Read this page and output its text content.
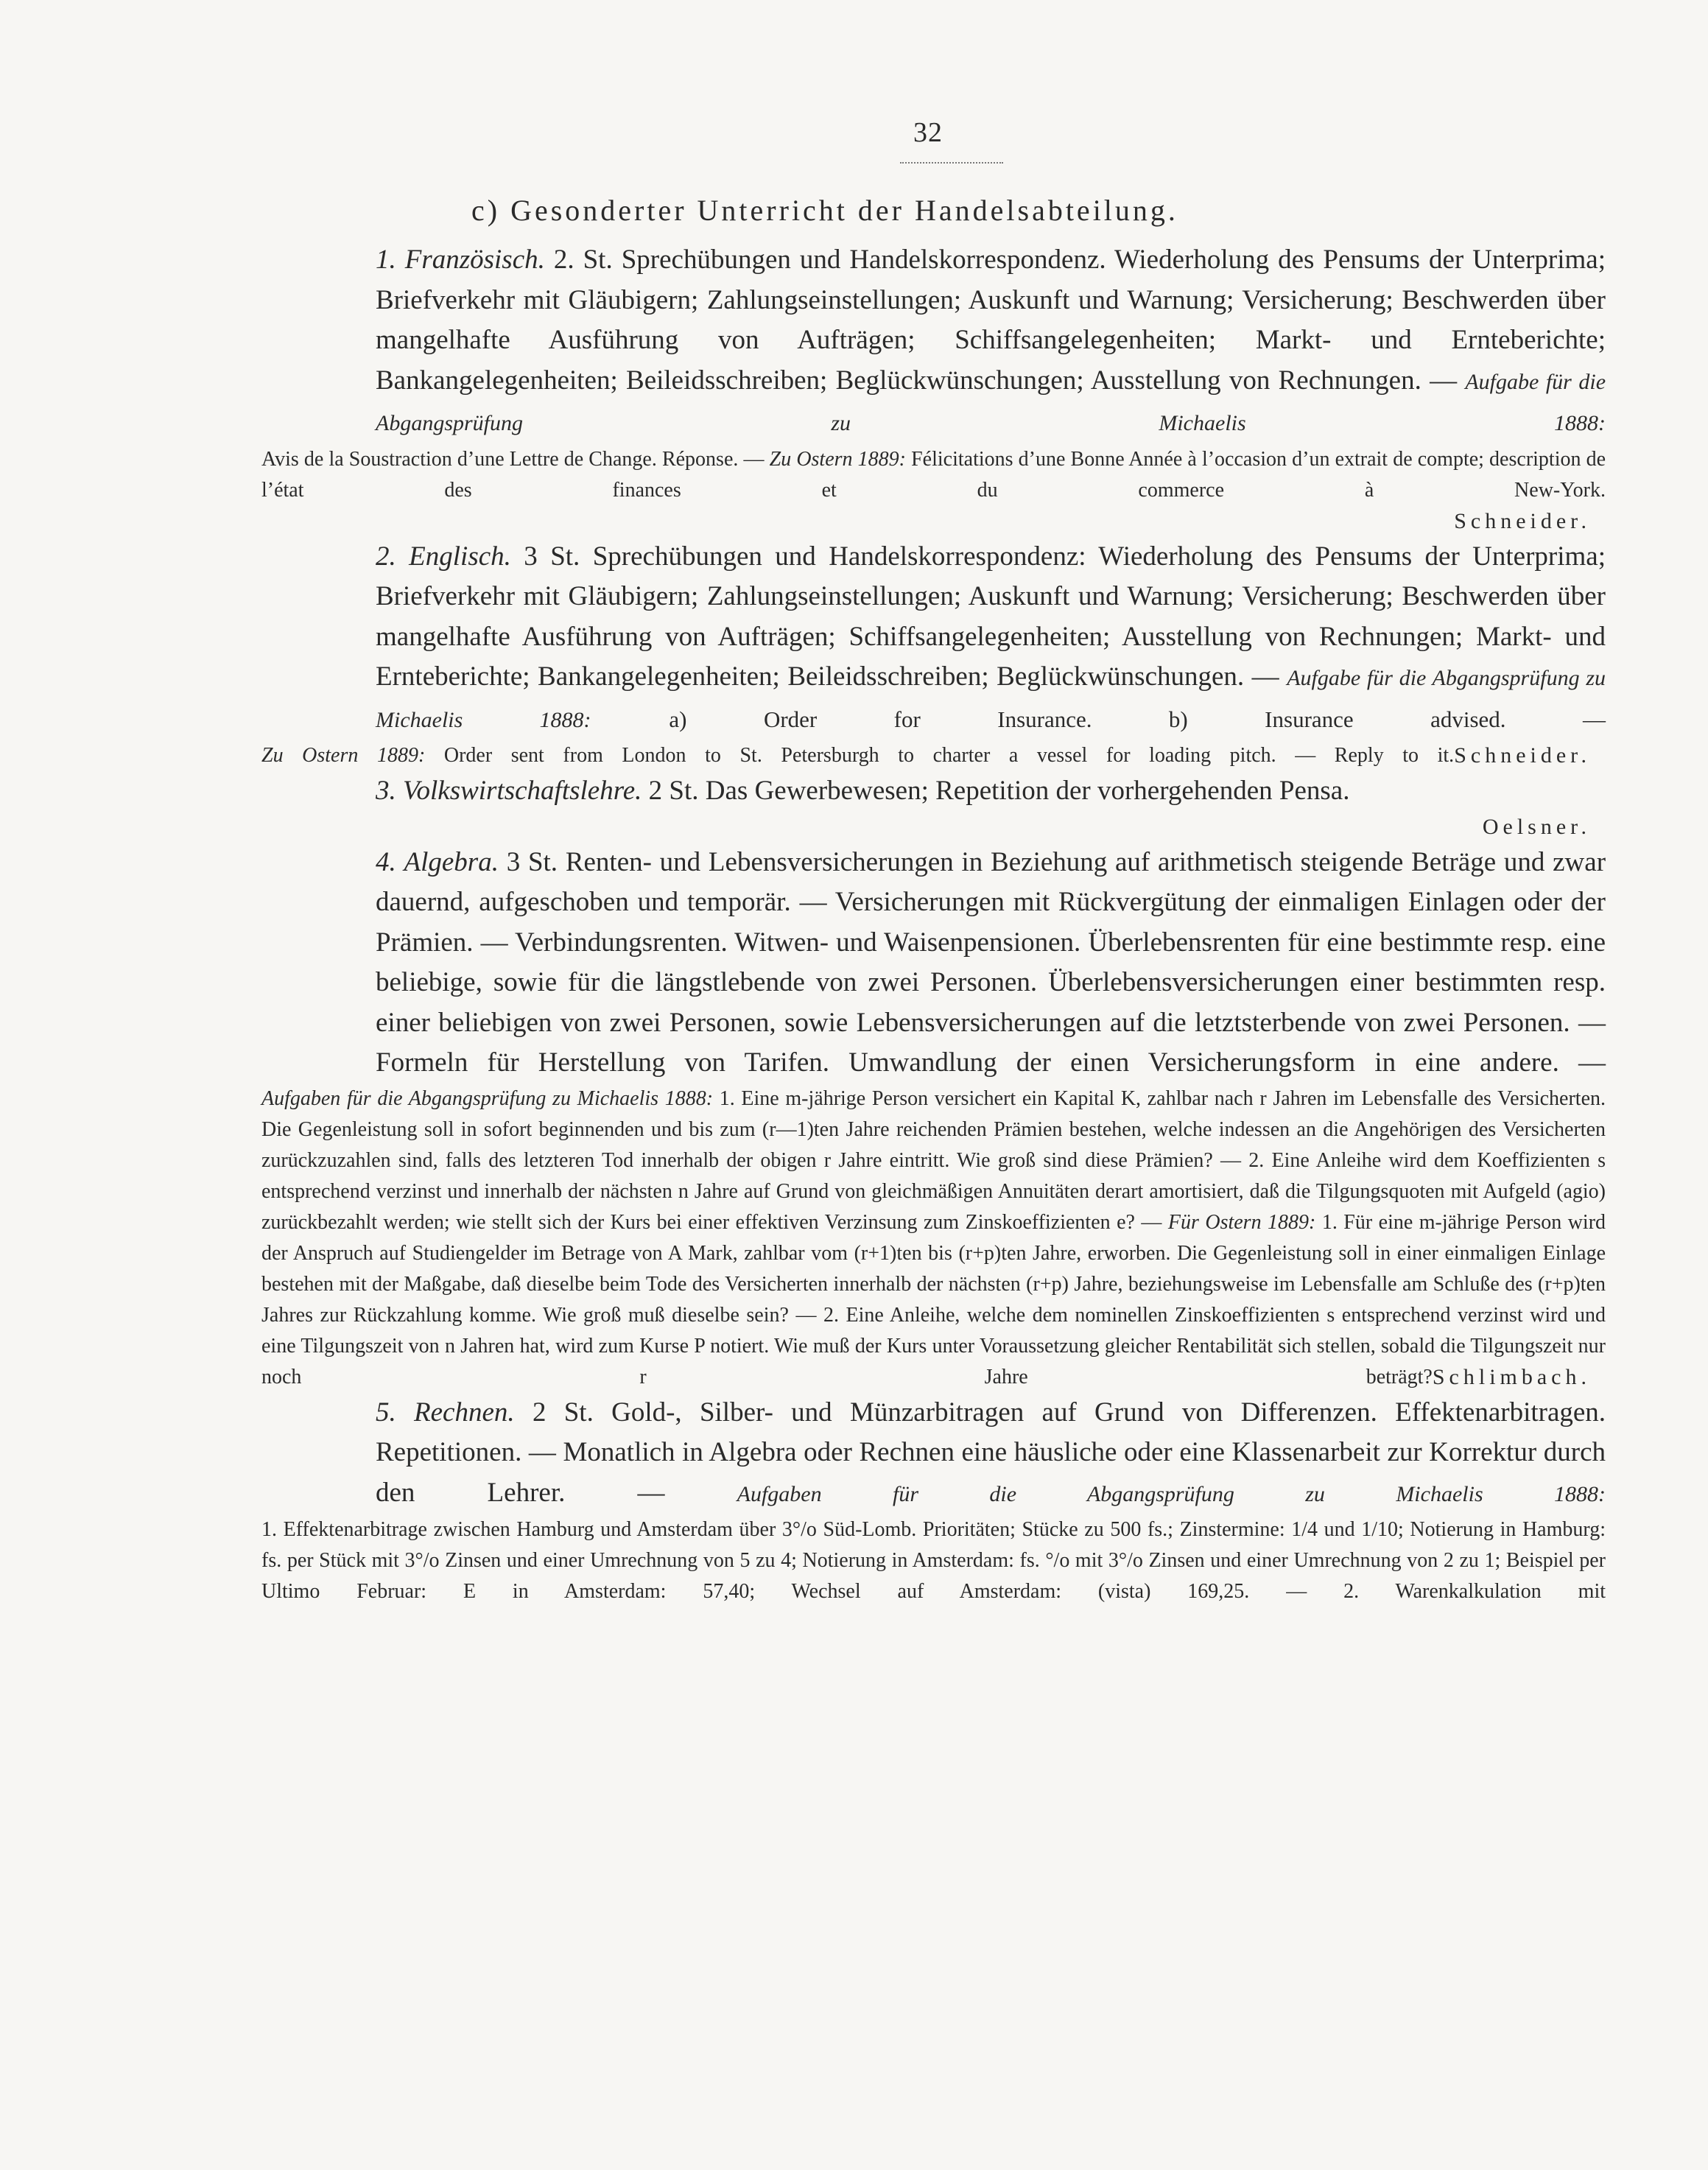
32
c) Gesonderter Unterricht der Handelsabteilung.

1. Französisch. 2. St. Sprechübungen und Handelskorrespondenz. Wiederholung des Pensums der Unterprima; Briefverkehr mit Gläubigern; Zahlungseinstellungen; Auskunft und Warnung; Versicherung; Beschwerden über mangelhafte Ausführung von Aufträgen; Schiffsangelegenheiten; Markt- und Ernteberichte; Bankangelegenheiten; Beileidsschreiben; Beglückwünschungen; Ausstellung von Rechnungen. — Aufgabe für die Abgangsprüfung zu Michaelis 1888:

Avis de la Soustraction d’une Lettre de Change. Réponse. — Zu Ostern 1889: Félicitations d’une Bonne Année à l’occasion d’un extrait de compte; description de l’état des finances et du commerce à New-York.

Schneider.

2. Englisch. 3 St. Sprechübungen und Handelskorrespondenz: Wiederholung des Pensums der Unterprima; Briefverkehr mit Gläubigern; Zahlungseinstellungen; Auskunft und Warnung; Versicherung; Beschwerden über mangelhafte Ausführung von Aufträgen; Schiffsangelegenheiten; Ausstellung von Rechnungen; Markt- und Ernteberichte; Bankangelegenheiten; Beileidsschreiben; Beglückwünschungen. — Aufgabe für die Abgangsprüfung zu Michaelis 1888:	a) Order for Insurance. b) Insurance advised. —

Zu Ostern 1889: Order sent from London to St. Petersburgh to charter a vessel for loading pitch. — Reply to it. Schneider.

3. Volkswirtschaftslehre. 2 St. Das Gewerbewesen; Repetition der vorhergehenden Pensa.

Oelsner.

4. Algebra. 3 St. Renten- und Lebensversicherungen in Beziehung auf arithmetisch steigende Beträge und zwar dauernd, aufgeschoben und temporär. — Versicherungen mit Rückvergütung der einmaligen Einlagen oder der Prämien. — Verbindungsrenten. Witwen- und Waisenpensionen. Überlebensrenten für eine bestimmte resp. eine beliebige, sowie für die längstlebende von zwei Personen. Überlebensversicherungen einer bestimmten resp. einer beliebigen von zwei Personen, sowie Lebensversicherungen auf die letztsterbende von zwei Personen. — Formeln für Herstellung von Tarifen. Umwandlung der einen Versicherungsform in eine andere. —

Aufgaben für die Abgangsprüfung zu Michaelis 1888: 1. Eine m-jährige Person versichert ein Kapital K, zahlbar nach r Jahren im Lebensfalle des Versicherten. Die Gegenleistung soll in sofort beginnenden und bis zum (r—1)ten Jahre reichenden Prämien bestehen, welche indessen an die Angehörigen des Versicherten zurückzuzahlen sind, falls des letzteren Tod innerhalb der obigen r Jahre eintritt. Wie groß sind diese Prämien? — 2. Eine Anleihe wird dem Koeffizienten s entsprechend verzinst und innerhalb der nächsten n Jahre auf Grund von gleichmäßigen Annuitäten derart amortisiert, daß die Tilgungsquoten mit Aufgeld (agio) zurückbezahlt werden; wie stellt sich der Kurs bei einer effektiven Verzinsung zum Zinskoeffizienten e? — Für Ostern 1889: 1. Für eine m-jährige Person wird der Anspruch auf Studiengelder im Betrage von A Mark, zahlbar vom (r+1)ten bis (r+p)ten Jahre, erworben. Die Gegenleistung soll in einer einmaligen Einlage bestehen mit der Maßgabe, daß dieselbe beim Tode des Versicherten innerhalb der nächsten (r+p) Jahre, beziehungsweise im Lebensfalle am Schluße des (r+p)ten Jahres zur Rückzahlung komme. Wie groß muß dieselbe sein? — 2. Eine Anleihe, welche dem nominellen Zinskoeffizienten s entsprechend verzinst wird und eine Tilgungszeit von n Jahren hat, wird zum Kurse P notiert. Wie muß der Kurs unter Voraussetzung gleicher Rentabilität sich stellen, sobald die Tilgungszeit nur noch r Jahre beträgt? Schlimbach.

5. Rechnen. 2 St. Gold-, Silber- und Münzarbitragen auf Grund von Differenzen. Effektenarbitragen. Repetitionen. — Monatlich in Algebra oder Rechnen eine häusliche oder eine Klassenarbeit zur Korrektur durch den Lehrer. —	Aufgaben für die Abgangsprüfung zu Michaelis 1888:

1. Effektenarbitrage zwischen Hamburg und Amsterdam über 3°/o Süd-Lomb. Prioritäten; Stücke zu 500 fs.; Zinstermine: 1/4 und 1/10; Notierung in Hamburg: fs. per Stück mit 3°/o Zinsen und einer Umrechnung von 5 zu 4; Notierung in Amsterdam: fs. °/o mit 3°/o Zinsen und einer Umrechnung von 2 zu 1; Beispiel per Ultimo Februar: E in Amsterdam: 57,40; Wechsel auf Amsterdam: (vista) 169,25. — 2. Warenkalkulation mit
